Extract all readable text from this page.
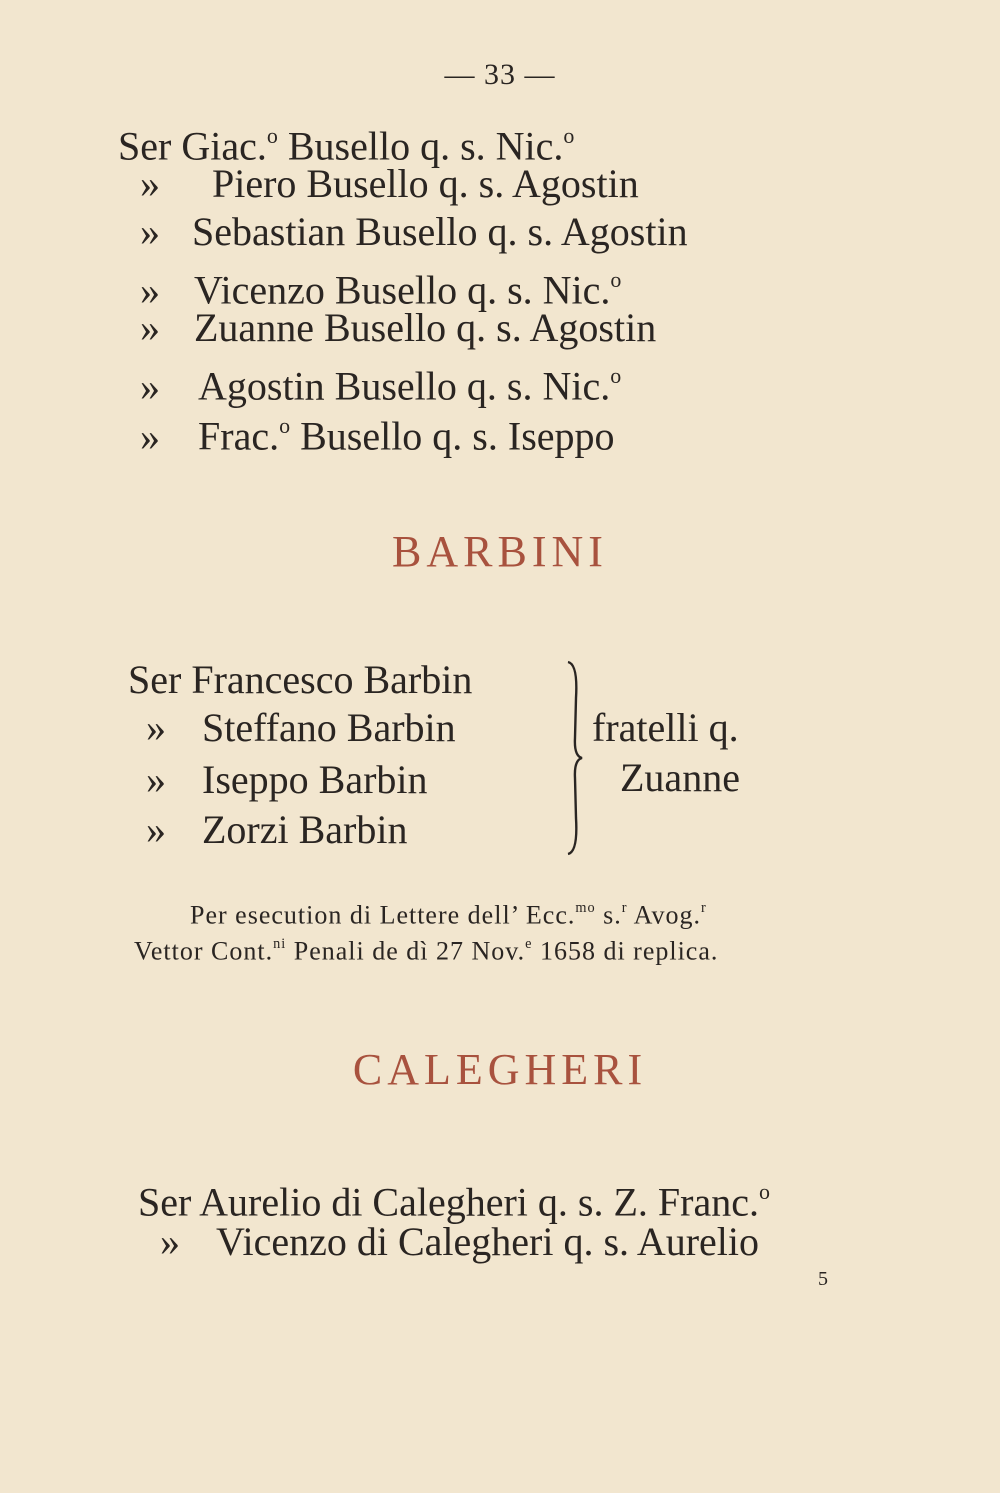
— 33 —
Ser Giac.$^o$ Busello q. s. Nic.$^o$
» Piero Busello q. s. Agostin
» Sebastian Busello q. s. Agostin
» Vicenzo Busello q. s. Nic.$^o$
» Zuanne Busello q. s. Agostin
» Agostin Busello q. s. Nic.$^o$
» Frac.$^o$ Busello q. s. Iseppo
BARBINI
Ser Francesco Barbin
» Steffano Barbin
» Iseppo Barbin
» Zorzi Barbin
fratelli q.
Zuanne
Per esecution di Lettere dell’ Ecc.$^{mo}$ s.$^r$ Avog.$^r$
Vettor Cont.$^{ni}$ Penali de dì 27 Nov.$^e$ 1658 di replica.
CALEGHERI
Ser Aurelio di Calegheri q. s. Z. Franc.$^o$
» Vicenzo di Calegheri q. s. Aurelio
5
